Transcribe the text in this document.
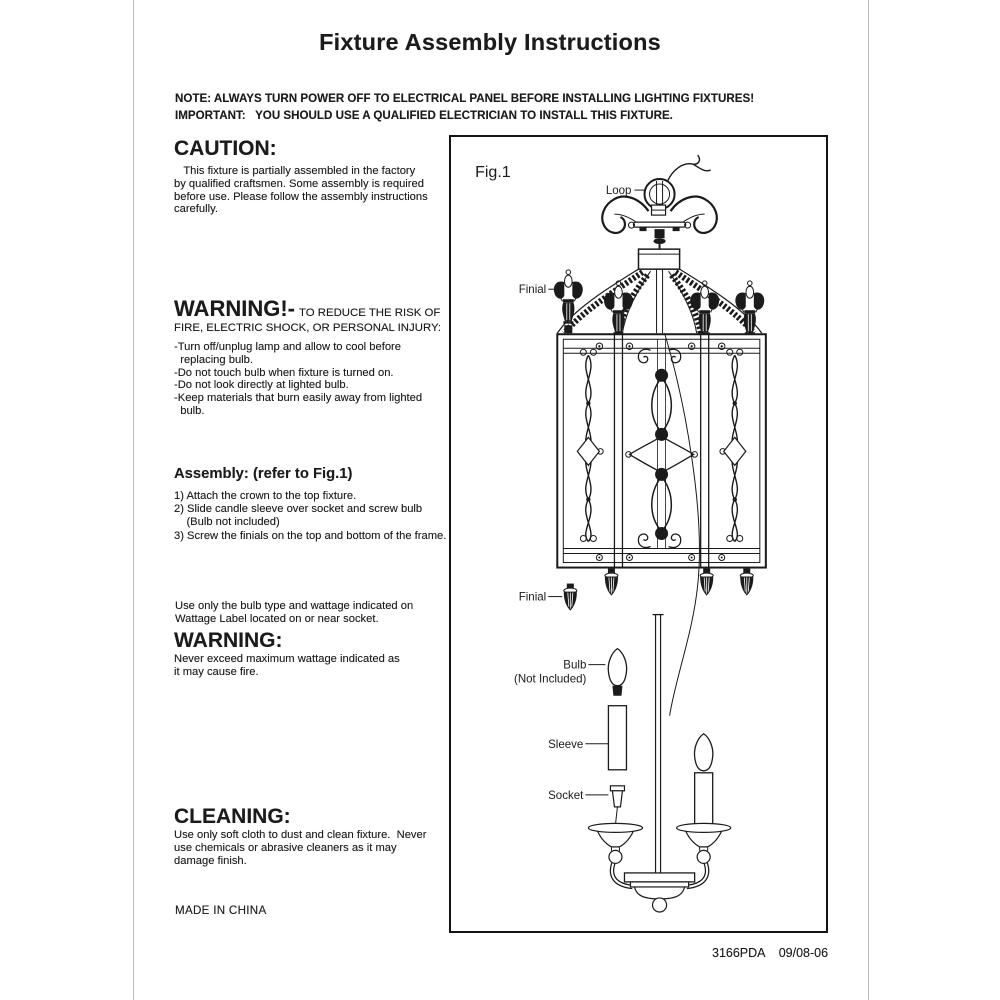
Fixture Assembly Instructions
NOTE: ALWAYS TURN POWER OFF TO ELECTRICAL PANEL BEFORE INSTALLING LIGHTING FIXTURES!
IMPORTANT:   YOU SHOULD USE A QUALIFIED ELECTRICIAN TO INSTALL THIS FIXTURE.
CAUTION:
This fixture is partially assembled in the factory
by qualified craftsmen. Some assembly is required
before use. Please follow the assembly instructions
carefully.
WARNING!- TO REDUCE THE RISK OF
FIRE, ELECTRIC SHOCK, OR PERSONAL INJURY:
-Turn off/unplug lamp and allow to cool before
replacing bulb.
-Do not touch bulb when fixture is turned on.
-Do not look directly at lighted bulb.
-Keep materials that burn easily away from lighted
bulb.
Assembly: (refer to Fig.1)
1) Attach the crown to the top fixture.
2) Slide candle sleeve over socket and screw bulb
(Bulb not included)
3) Screw the finials on the top and bottom of the frame.
Use only the bulb type and wattage indicated on
Wattage Label located on or near socket.
WARNING:
Never exceed maximum wattage indicated as
it may cause fire.
CLEANING:
Use only soft cloth to dust and clean fixture.  Never
use chemicals or abrasive cleaners as it may
damage finish.
MADE IN CHINA
3166PDA    09/08-06
Fig.1
Loop
Finial
Finial
Bulb
(Not Included)
Sleeve
Socket
